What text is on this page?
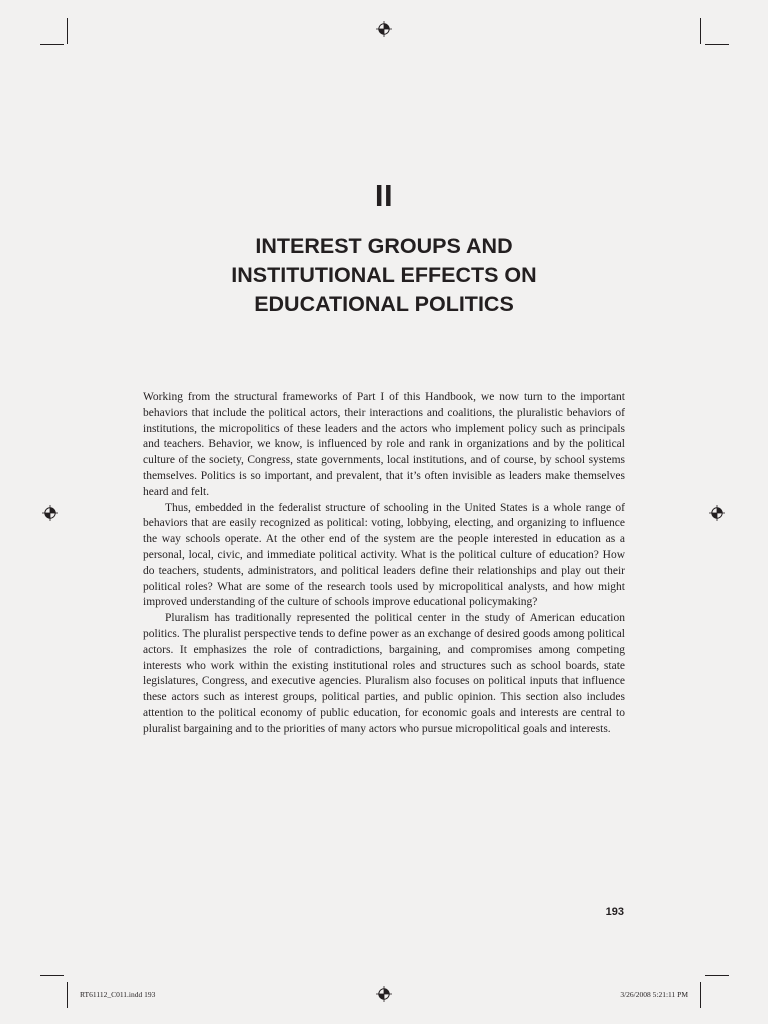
II
INTEREST GROUPS AND
INSTITUTIONAL EFFECTS ON
EDUCATIONAL POLITICS

Working from the structural frameworks of Part I of this Handbook, we now turn to the important behaviors that include the political actors, their interactions and coalitions, the pluralistic behaviors of institutions, the micropolitics of these leaders and the actors who implement policy such as principals and teachers. Behavior, we know, is influenced by role and rank in organizations and by the political culture of the society, Congress, state governments, local institutions, and of course, by school systems themselves. Politics is so important, and prevalent, that it’s often invisible as leaders make themselves heard and felt.

Thus, embedded in the federalist structure of schooling in the United States is a whole range of behaviors that are easily recognized as political: voting, lobbying, electing, and organizing to influence the way schools operate. At the other end of the system are the people interested in education as a personal, local, civic, and immediate political activity. What is the political culture of education? How do teachers, students, administrators, and political leaders define their relationships and play out their political roles? What are some of the research tools used by micropolitical analysts, and how might improved understanding of the culture of schools improve educational policymaking?

Pluralism has traditionally represented the political center in the study of American education politics. The pluralist perspective tends to define power as an exchange of desired goods among political actors. It emphasizes the role of contradictions, bargaining, and compromises among competing interests who work within the existing institutional roles and structures such as school boards, state legislatures, Congress, and executive agencies. Pluralism also focuses on political inputs that influence these actors such as interest groups, political parties, and public opinion. This section also includes attention to the political economy of public education, for economic goals and interests are central to pluralist bargaining and to the priorities of many actors who pursue micropolitical goals and interests.

193
RT61112_C011.indd 193	3/26/2008 5:21:11 PM
